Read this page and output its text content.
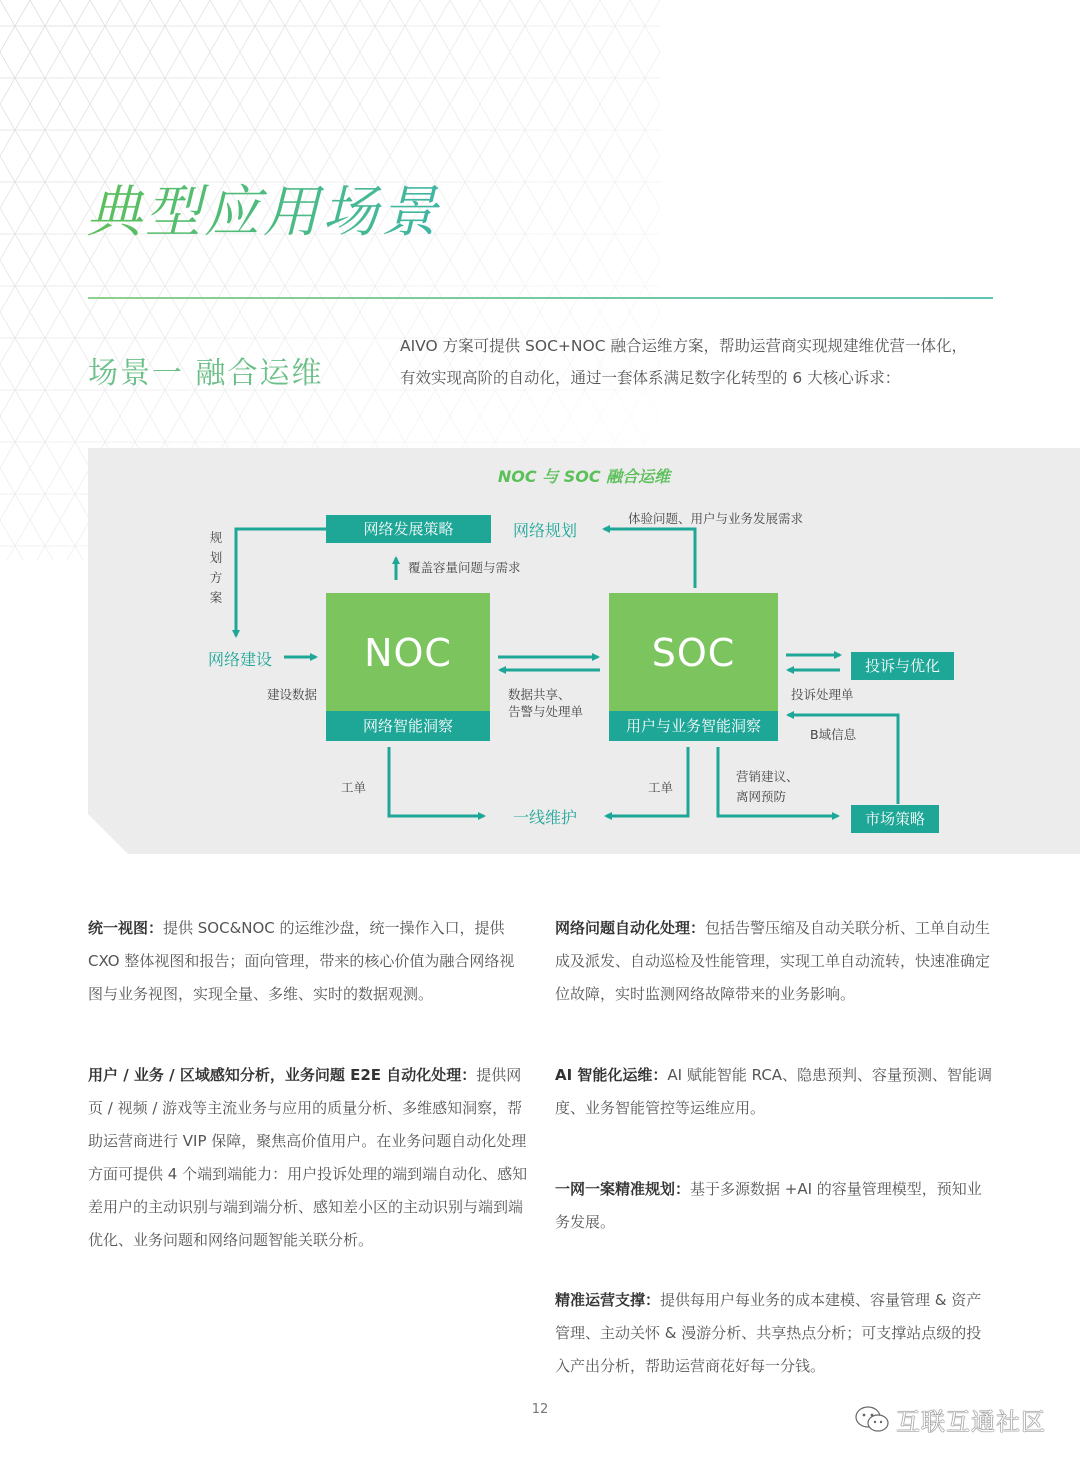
典型应用场景
场景一 融合运维

AIVO 方案可提供 SOC+NOC 融合运维方案，帮助运营商实现规建维优营一体化，
有效实现高阶的自动化，通过一套体系满足数字化转型的 6 大核心诉求：

NOC 与 SOC 融合运维
网络发展策略	网络规划
体验问题、用户与业务发展需求
覆盖容量问题与需求
规划方案
网络建设
建设数据
NOC
网络智能洞察
SOC
用户与业务智能洞察
数据共享、
告警与处理单
投诉与优化
投诉处理单
B域信息
工单	工单
营销建议、
离网预防
一线维护	市场策略

统一视图：提供 SOC&NOC 的运维沙盘，统一操作入口，提供 CXO 整体视图和报告；面向管理，带来的核心价值为融合网络视图与业务视图，实现全量、多维、实时的数据观测。

用户 / 业务 / 区域感知分析，业务问题 E2E 自动化处理：提供网页 / 视频 / 游戏等主流业务与应用的质量分析、多维感知洞察，帮助运营商进行 VIP 保障，聚焦高价值用户。在业务问题自动化处理方面可提供 4 个端到端能力：用户投诉处理的端到端自动化、感知差用户的主动识别与端到端分析、感知差小区的主动识别与端到端优化、业务问题和网络问题智能关联分析。

网络问题自动化处理：包括告警压缩及自动关联分析、工单自动生成及派发、自动巡检及性能管理，实现工单自动流转，快速准确定位故障，实时监测网络故障带来的业务影响。

AI 智能化运维：AI 赋能智能 RCA、隐患预判、容量预测、智能调度、业务智能管控等运维应用。

一网一案精准规划：基于多源数据 +AI 的容量管理模型，预知业务发展。

精准运营支撑：提供每用户每业务的成本建模、容量管理 & 资产管理、主动关怀 & 漫游分析、共享热点分析；可支撑站点级的投入产出分析，帮助运营商花好每一分钱。

12	互联互通社区
